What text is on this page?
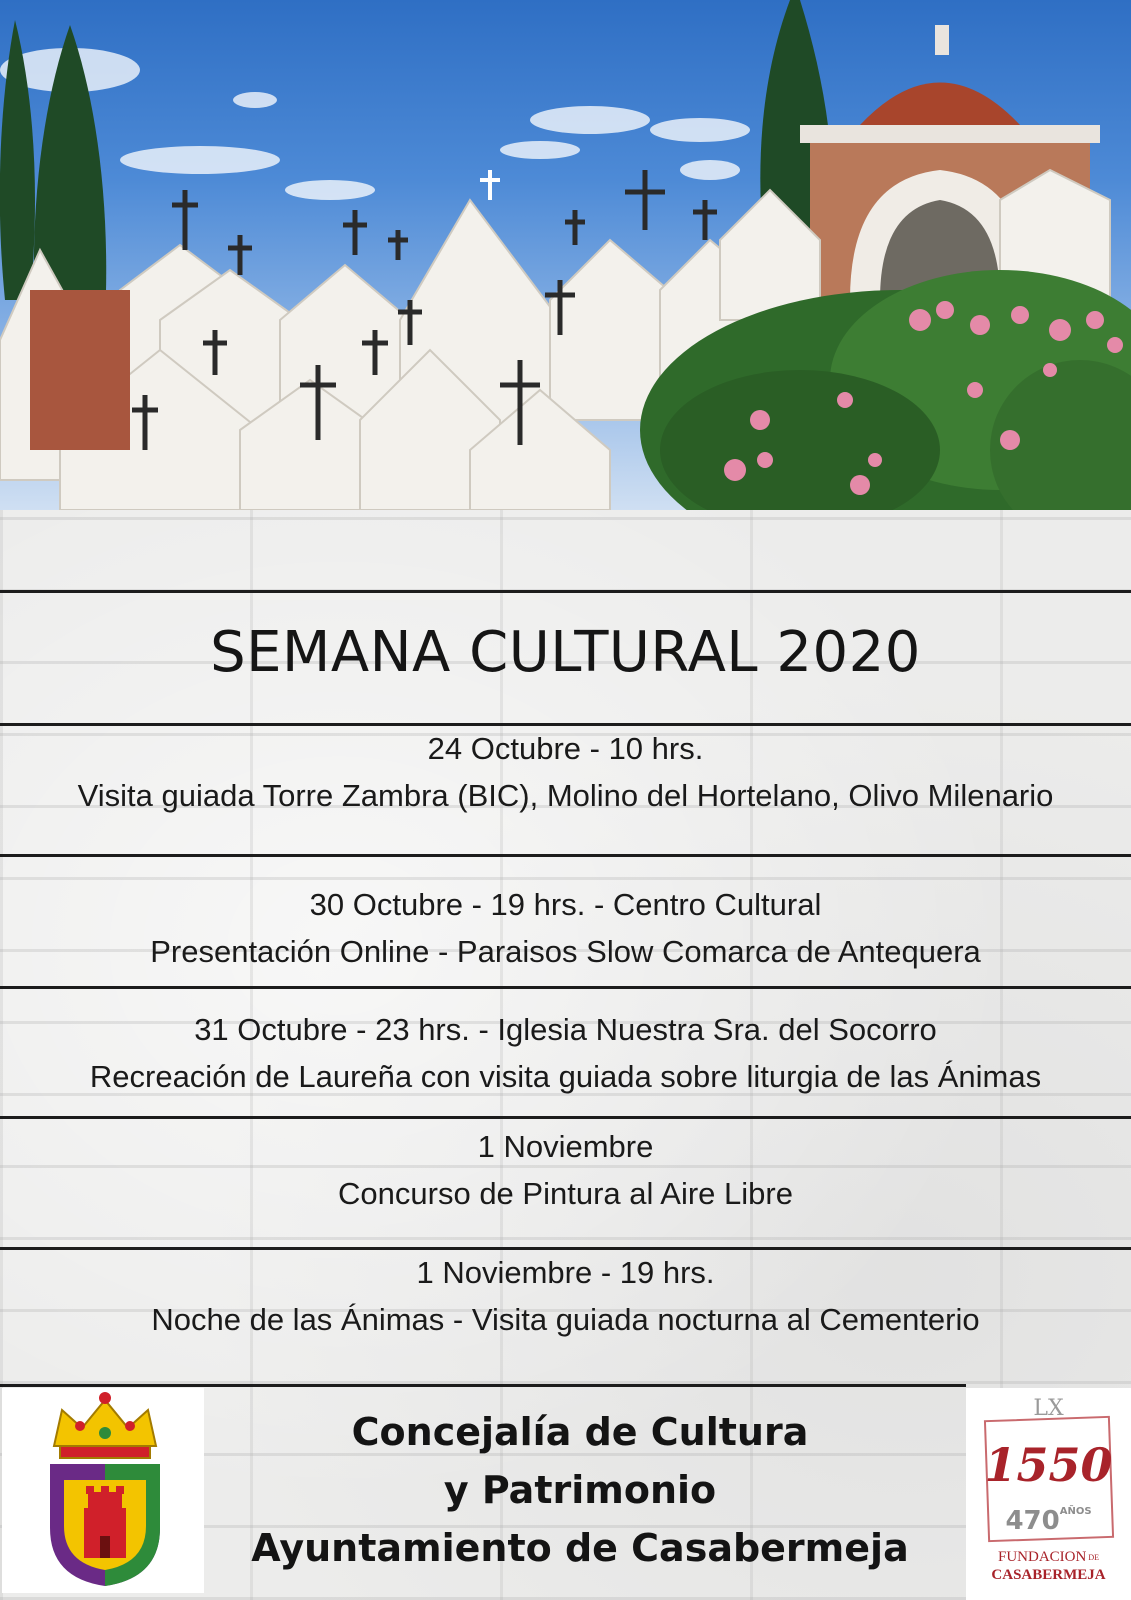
SEMANA CULTURAL 2020
24 Octubre - 10 hrs.
Visita guiada Torre Zambra (BIC), Molino del Hortelano, Olivo Milenario
30 Octubre - 19 hrs. - Centro Cultural
Presentación Online - Paraisos Slow Comarca de Antequera
31 Octubre - 23 hrs. - Iglesia Nuestra Sra. del Socorro
Recreación de Laureña con visita guiada sobre liturgia de las Ánimas
1 Noviembre
Concurso de Pintura al Aire Libre
1 Noviembre - 19 hrs.
Noche de las Ánimas - Visita guiada nocturna al Cementerio
Concejalía de Cultura
y Patrimonio
Ayuntamiento de Casabermeja
LX
1550
$470^{AÑOS}$
FUNDACION $^{DE}$
CASABERMEJA
